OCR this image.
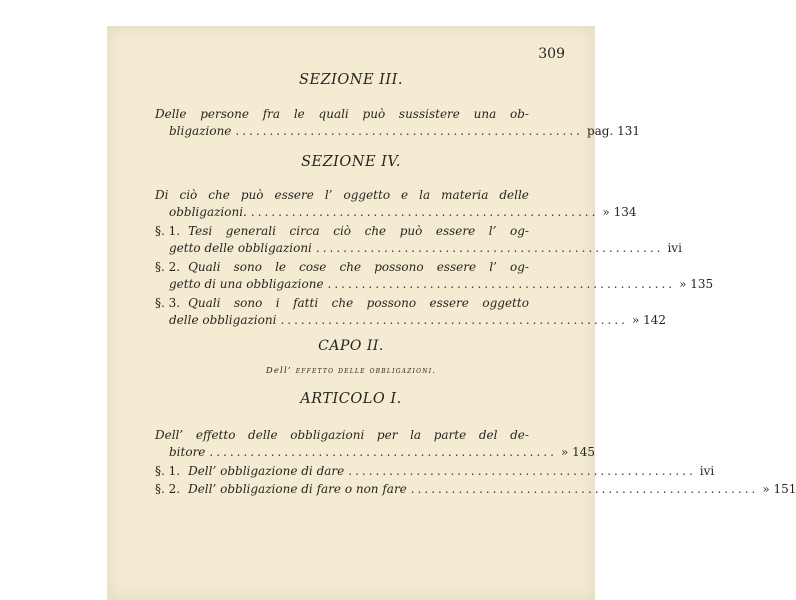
309
SEZIONE III.
Delle persone fra le quali può sussistere una ob-
bligazione ................................................... pag. 131
SEZIONE IV.
Di ciò che può essere l’ oggetto e la materia delle
obbligazioni. ................................................... » 134
§. 1. Tesi generali circa ciò che può essere l’ og-
getto delle obbligazioni ................................................... ivi
§. 2. Quali sono le cose che possono essere l’ og-
getto di una obbligazione ................................................... » 135
§. 3. Quali sono i fatti che possono essere oggetto
delle obbligazioni ................................................... » 142
CAPO II.
Dell’ effetto delle obbligazioni.
ARTICOLO I.
Dell’ effetto delle obbligazioni per la parte del de-
bitore ................................................... » 145
§. 1. Dell’ obbligazione di dare ................................................... ivi
§. 2. Dell’ obbligazione di fare o non fare ................................................... » 151
